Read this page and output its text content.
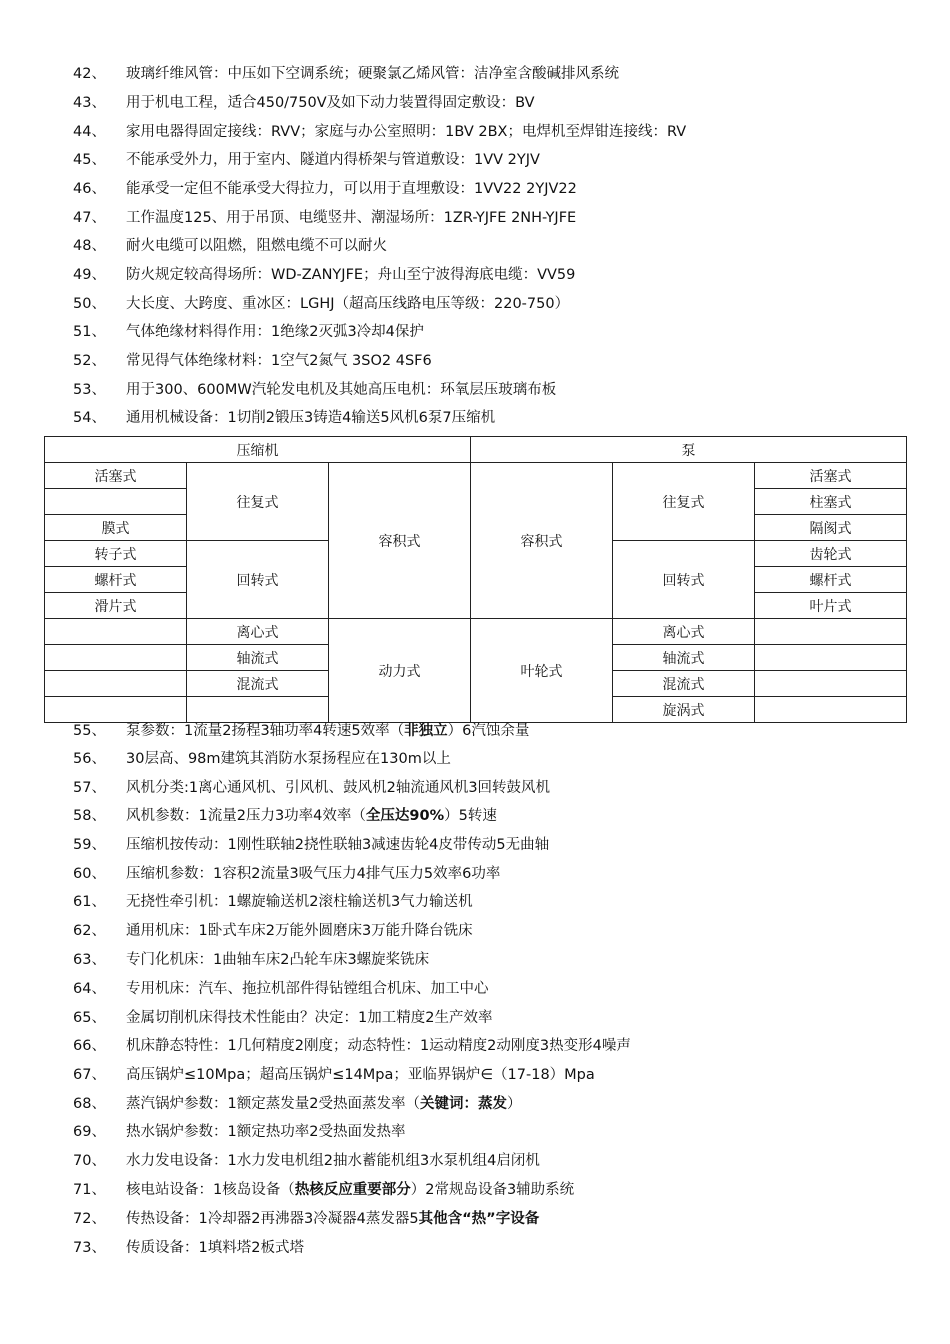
42、 玻璃纤维风管：中压如下空调系统；硬聚氯乙烯风管：洁净室含酸碱排风系统
43、 用于机电工程，适合450/750V及如下动力装置得固定敷设：BV
44、 家用电器得固定接线：RVV；家庭与办公室照明：1BV 2BX；电焊机至焊钳连接线：RV
45、 不能承受外力，用于室内、隧道内得桥架与管道敷设：1VV 2YJV
46、 能承受一定但不能承受大得拉力，可以用于直埋敷设：1VV22 2YJV22
47、 工作温度125、用于吊顶、电缆竖井、潮湿场所：1ZR-YJFE 2NH-YJFE
48、 耐火电缆可以阻燃，阻燃电缆不可以耐火
49、 防火规定较高得场所：WD-ZANYJFE；舟山至宁波得海底电缆：VV59
50、 大长度、大跨度、重冰区：LGHJ（超高压线路电压等级：220-750）
51、 气体绝缘材料得作用：1绝缘2灭弧3冷却4保护
52、 常见得气体绝缘材料：1空气2氮气 3SO2 4SF6
53、 用于300、600MW汽轮发电机及其她高压电机：环氧层压玻璃布板
54、 通用机械设备：1切削2锻压3铸造4输送5风机6泵7压缩机
压缩机			泵		
活塞式	往复式	容积式	容积式	往复式	活塞式
					柱塞式
膜式					隔阂式
转子式	回转式			回转式	齿轮式
螺杆式					螺杆式
滑片式					叶片式
	离心式	动力式	叶轮式	离心式	
	轴流式			轴流式	
	混流式			混流式	
				旋涡式	
55、 泵参数：1流量2扬程3轴功率4转速5效率（非独立）6汽蚀余量
56、 30层高、98m建筑其消防水泵扬程应在130m以上
57、 风机分类:1离心通风机、引风机、鼓风机2轴流通风机3回转鼓风机
58、 风机参数：1流量2压力3功率4效率（全压达90%）5转速
59、 压缩机按传动：1刚性联轴2挠性联轴3减速齿轮4皮带传动5无曲轴
60、 压缩机参数：1容积2流量3吸气压力4排气压力5效率6功率
61、 无挠性牵引机：1螺旋输送机2滚柱输送机3气力输送机
62、 通用机床：1卧式车床2万能外圆磨床3万能升降台铣床
63、 专门化机床：1曲轴车床2凸轮车床3螺旋桨铣床
64、 专用机床：汽车、拖拉机部件得钻镗组合机床、加工中心
65、 金属切削机床得技术性能由？决定：1加工精度2生产效率
66、 机床静态特性：1几何精度2刚度；动态特性：1运动精度2动刚度3热变形4噪声
67、 高压锅炉≤10Mpa；超高压锅炉≤14Mpa；亚临界锅炉∈（17-18）Mpa
68、 蒸汽锅炉参数：1额定蒸发量2受热面蒸发率（关键词：蒸发）
69、 热水锅炉参数：1额定热功率2受热面发热率
70、 水力发电设备：1水力发电机组2抽水蓄能机组3水泵机组4启闭机
71、 核电站设备：1核岛设备（热核反应重要部分）2常规岛设备3辅助系统
72、 传热设备：1冷却器2再沸器3冷凝器4蒸发器5其他含“热”字设备
73、 传质设备：1填料塔2板式塔
